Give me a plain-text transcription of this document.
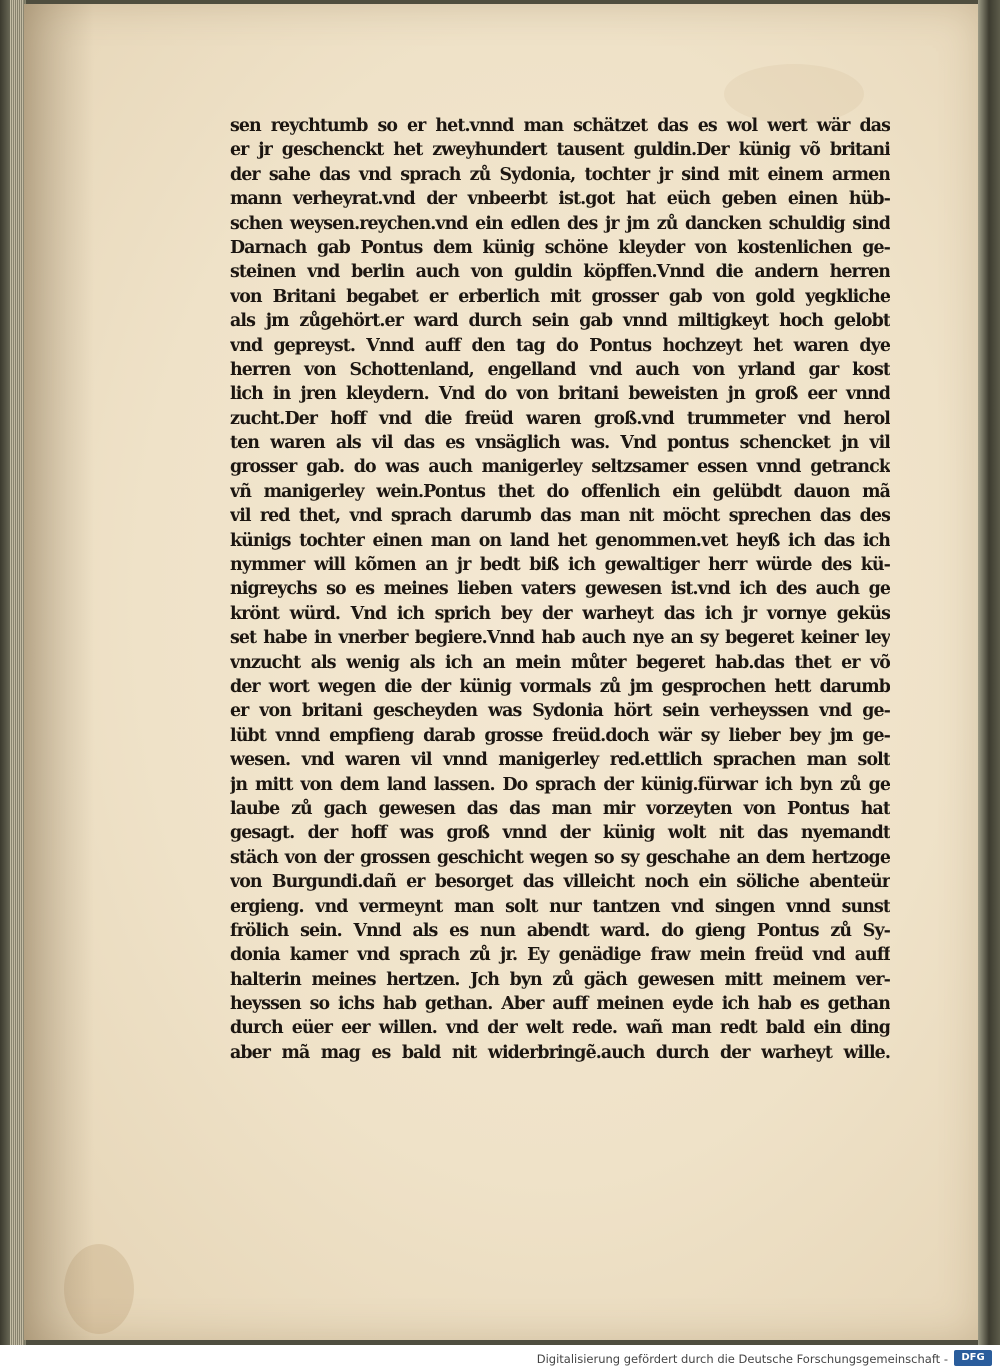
sen reychtumb so er het.vnnd man schätzet das es wol wert wär das
er jr geschenckt het zweyhundert tausent guldin.Der künig võ britani
der sahe das vnd sprach zů Sydonia, tochter jr sind mit einem armen
mann verheyrat.vnd der vnbeerbt ist.got hat eüch geben einen hüb-
schen weysen.reychen.vnd ein edlen des jr jm zů dancken schuldig sind
Darnach gab Pontus dem künig schöne kleyder von kostenlichen ge-
steinen vnd berlin auch von guldin köpffen.Vnnd die andern herren
von Britani begabet er erberlich mit grosser gab von gold yegkliche
als jm zůgehört.er ward durch sein gab vnnd miltigkeyt hoch gelobt
vnd gepreyst. Vnnd auff den tag do Pontus hochzeyt het waren dye
herren von Schottenland, engelland vnd auch von yrland gar kost
lich in jren kleydern. Vnd do von britani beweisten jn groß eer vnnd
zucht.Der hoff vnd die freüd waren groß.vnd trummeter vnd herol
ten waren als vil das es vnsäglich was. Vnd pontus schencket jn vil
grosser gab. do was auch manigerley seltzsamer essen vnnd getranck
vñ manigerley wein.Pontus thet do offenlich ein gelübdt dauon mã
vil red thet, vnd sprach darumb das man nit möcht sprechen das des
künigs tochter einen man on land het genommen.vet heyß ich das ich
nymmer will kõmen an jr bedt biß ich gewaltiger herr würde des kü-
nigreychs so es meines lieben vaters gewesen ist.vnd ich des auch ge
krönt würd. Vnd ich sprich bey der warheyt das ich jr vornye geküs
set habe in vnerber begiere.Vnnd hab auch nye an sy begeret keiner ley
vnzucht als wenig als ich an mein můter begeret hab.das thet er võ
der wort wegen die der künig vormals zů jm gesprochen hett darumb
er von britani gescheyden was Sydonia hört sein verheyssen vnd ge-
lübt vnnd empfieng darab grosse freüd.doch wär sy lieber bey jm ge-
wesen. vnd waren vil vnnd manigerley red.ettlich sprachen man solt
jn mitt von dem land lassen. Do sprach der künig.fürwar ich byn zů ge
laube zů gach gewesen das das man mir vorzeyten von Pontus hat
gesagt. der hoff was groß vnnd der künig wolt nit das nyemandt
stäch von der grossen geschicht wegen so sy geschahe an dem hertzoge
von Burgundi.dañ er besorget das villeicht noch ein söliche abenteür
ergieng. vnd vermeynt man solt nur tantzen vnd singen vnnd sunst
frölich sein. Vnnd als es nun abendt ward. do gieng Pontus zů Sy-
donia kamer vnd sprach zů jr. Ey genädige fraw mein freüd vnd auff
halterin meines hertzen. Jch byn zů gäch gewesen mitt meinem ver-
heyssen so ichs hab gethan. Aber auff meinen eyde ich hab es gethan
durch eüer eer willen. vnd der welt rede. wañ man redt bald ein ding
aber mã mag es bald nit widerbringẽ.auch durch der warheyt wille.
Digitalisierung gefördert durch die Deutsche Forschungsgemeinschaft -	DFG
